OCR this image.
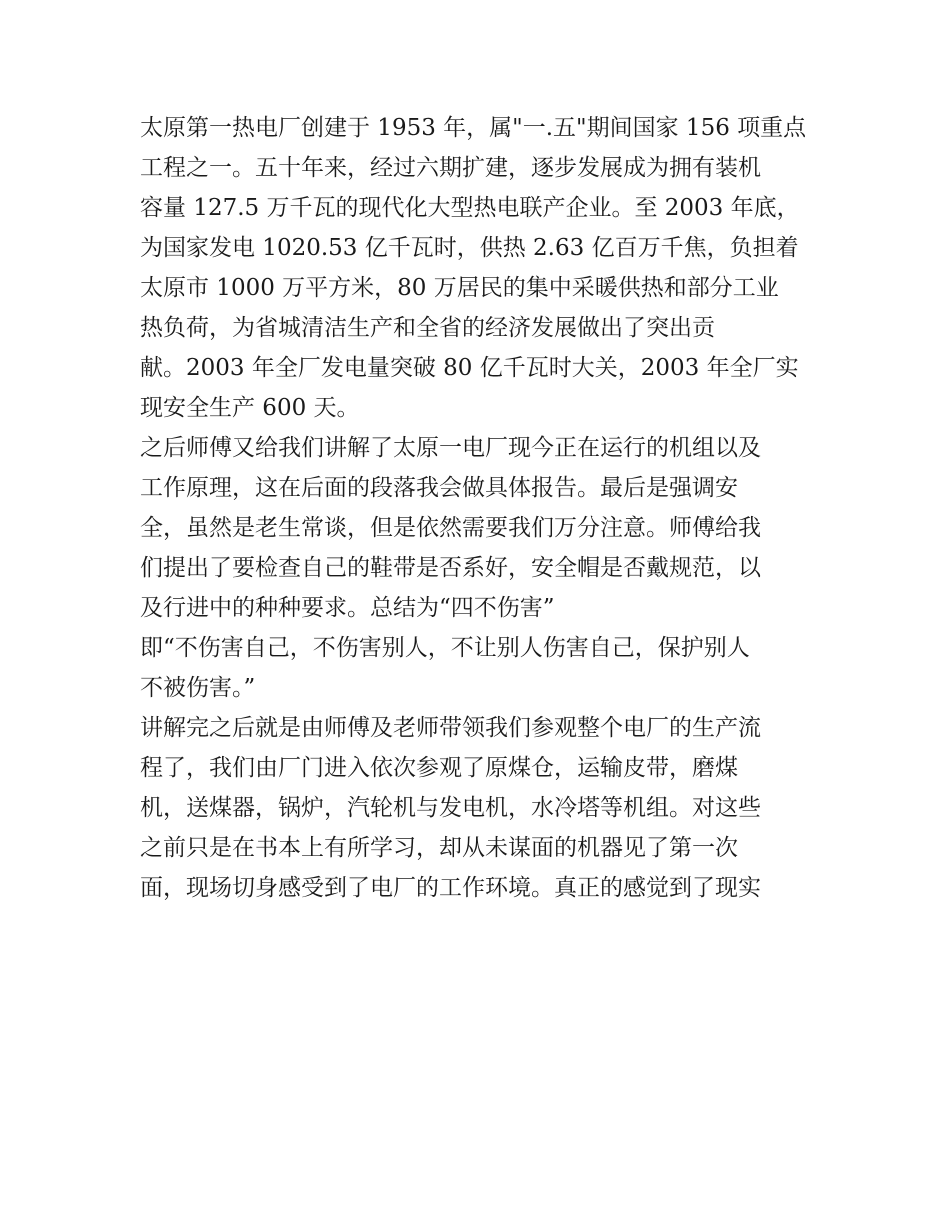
太原第一热电厂创建于 1953 年，属"一.五"期间国家 156 项重点
工程之一。五十年来，经过六期扩建，逐步发展成为拥有装机
容量 127.5 万千瓦的现代化大型热电联产企业。至 2003 年底，
为国家发电 1020.53 亿千瓦时，供热 2.63 亿百万千焦，负担着
太原市 1000 万平方米，80 万居民的集中采暖供热和部分工业
热负荷，为省城清洁生产和全省的经济发展做出了突出贡
献。2003 年全厂发电量突破 80 亿千瓦时大关，2003 年全厂实
现安全生产 600 天。
之后师傅又给我们讲解了太原一电厂现今正在运行的机组以及
工作原理，这在后面的段落我会做具体报告。最后是强调安
全，虽然是老生常谈，但是依然需要我们万分注意。师傅给我
们提出了要检查自己的鞋带是否系好，安全帽是否戴规范，以
及行进中的种种要求。总结为“四不伤害”
即“不伤害自己，不伤害别人，不让别人伤害自己，保护别人
不被伤害。”
讲解完之后就是由师傅及老师带领我们参观整个电厂的生产流
程了，我们由厂门进入依次参观了原煤仓，运输皮带，磨煤
机，送煤器，锅炉，汽轮机与发电机，水冷塔等机组。对这些
之前只是在书本上有所学习，却从未谋面的机器见了第一次
面，现场切身感受到了电厂的工作环境。真正的感觉到了现实
